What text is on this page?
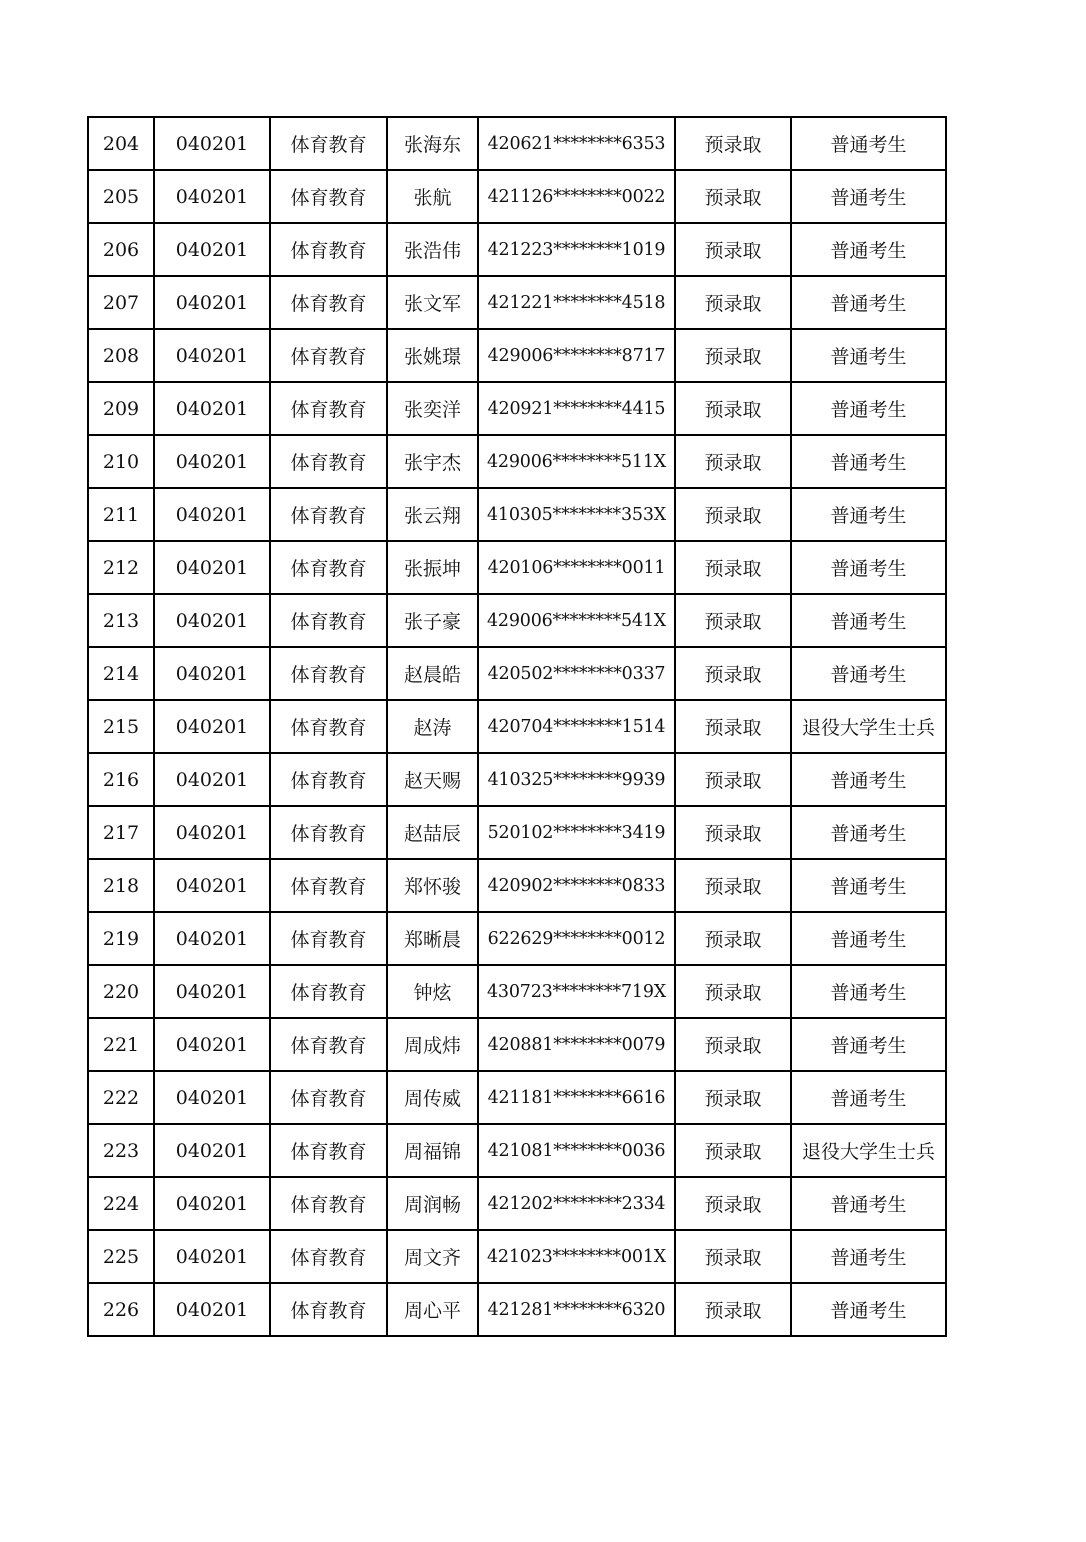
204	040201	体育教育	张海东	420621********6353	预录取	普通考生
205	040201	体育教育	张航	421126********0022	预录取	普通考生
206	040201	体育教育	张浩伟	421223********1019	预录取	普通考生
207	040201	体育教育	张文军	421221********4518	预录取	普通考生
208	040201	体育教育	张姚璟	429006********8717	预录取	普通考生
209	040201	体育教育	张奕洋	420921********4415	预录取	普通考生
210	040201	体育教育	张宇杰	429006********511X	预录取	普通考生
211	040201	体育教育	张云翔	410305********353X	预录取	普通考生
212	040201	体育教育	张振坤	420106********0011	预录取	普通考生
213	040201	体育教育	张子豪	429006********541X	预录取	普通考生
214	040201	体育教育	赵晨皓	420502********0337	预录取	普通考生
215	040201	体育教育	赵涛	420704********1514	预录取	退役大学生士兵
216	040201	体育教育	赵天赐	410325********9939	预录取	普通考生
217	040201	体育教育	赵喆辰	520102********3419	预录取	普通考生
218	040201	体育教育	郑怀骏	420902********0833	预录取	普通考生
219	040201	体育教育	郑晰晨	622629********0012	预录取	普通考生
220	040201	体育教育	钟炫	430723********719X	预录取	普通考生
221	040201	体育教育	周成炜	420881********0079	预录取	普通考生
222	040201	体育教育	周传威	421181********6616	预录取	普通考生
223	040201	体育教育	周福锦	421081********0036	预录取	退役大学生士兵
224	040201	体育教育	周润畅	421202********2334	预录取	普通考生
225	040201	体育教育	周文齐	421023********001X	预录取	普通考生
226	040201	体育教育	周心平	421281********6320	预录取	普通考生
